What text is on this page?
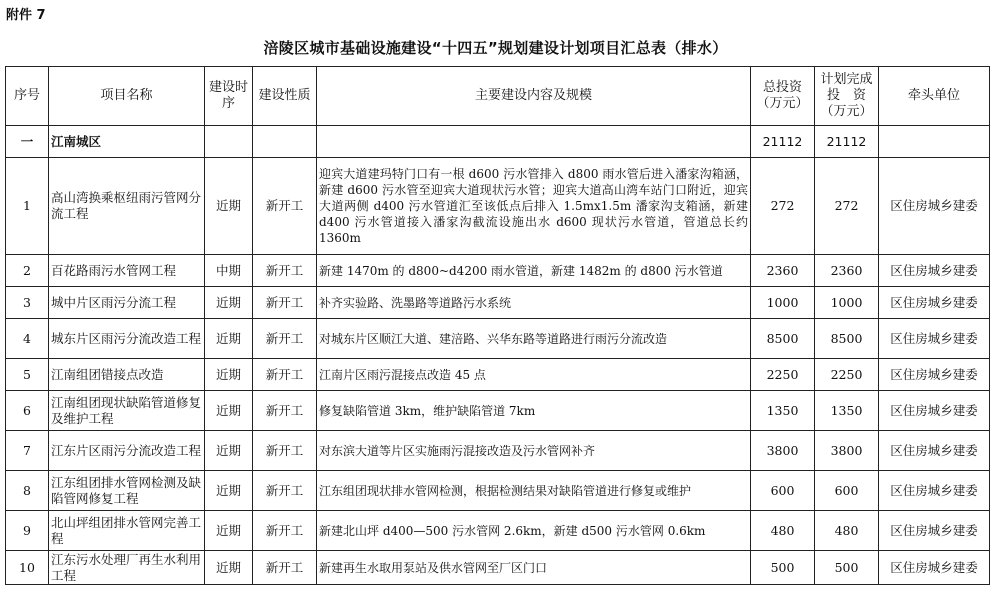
附件 7
涪陵区城市基础设施建设“十四五”规划建设计划项目汇总表（排水）
序号	项目名称	建设时序	建设性质	主要建设内容及规模	总投资（万元）	计划完成投　资（万元）	牵头单位
一	江南城区				21112	21112	
1	高山湾换乘枢纽雨污管网分流工程	近期	新开工	迎宾大道建玛特门口有一根 d600 污水管排入 d800 雨水管后进入潘家沟箱涵，新建 d600 污水管至迎宾大道现状污水管；迎宾大道高山湾车站门口附近，迎宾大道两侧 d400 污水管道汇至该低点后排入 1.5mx1.5m 潘家沟支箱涵，新建 d400 污水管道接入潘家沟截流设施出水 d600 现状污水管道，管道总长约 1360m	272	272	区住房城乡建委
2	百花路雨污水管网工程	中期	新开工	新建 1470m 的 d800~d4200 雨水管道，新建 1482m 的 d800 污水管道	2360	2360	区住房城乡建委
3	城中片区雨污分流工程	近期	新开工	补齐实验路、洗墨路等道路污水系统	1000	1000	区住房城乡建委
4	城东片区雨污分流改造工程	近期	新开工	对城东片区顺江大道、建涪路、兴华东路等道路进行雨污分流改造	8500	8500	区住房城乡建委
5	江南组团错接点改造	近期	新开工	江南片区雨污混接点改造 45 点	2250	2250	区住房城乡建委
6	江南组团现状缺陷管道修复及维护工程	近期	新开工	修复缺陷管道 3km，维护缺陷管道 7km	1350	1350	区住房城乡建委
7	江东片区雨污分流改造工程	近期	新开工	对东滨大道等片区实施雨污混接改造及污水管网补齐	3800	3800	区住房城乡建委
8	江东组团排水管网检测及缺陷管网修复工程	近期	新开工	江东组团现状排水管网检测，根据检测结果对缺陷管道进行修复或维护	600	600	区住房城乡建委
9	北山坪组团排水管网完善工程	近期	新开工	新建北山坪 d400—500 污水管网 2.6km，新建 d500 污水管网 0.6km	480	480	区住房城乡建委
10	江东污水处理厂再生水利用工程	近期	新开工	新建再生水取用泵站及供水管网至厂区门口	500	500	区住房城乡建委
